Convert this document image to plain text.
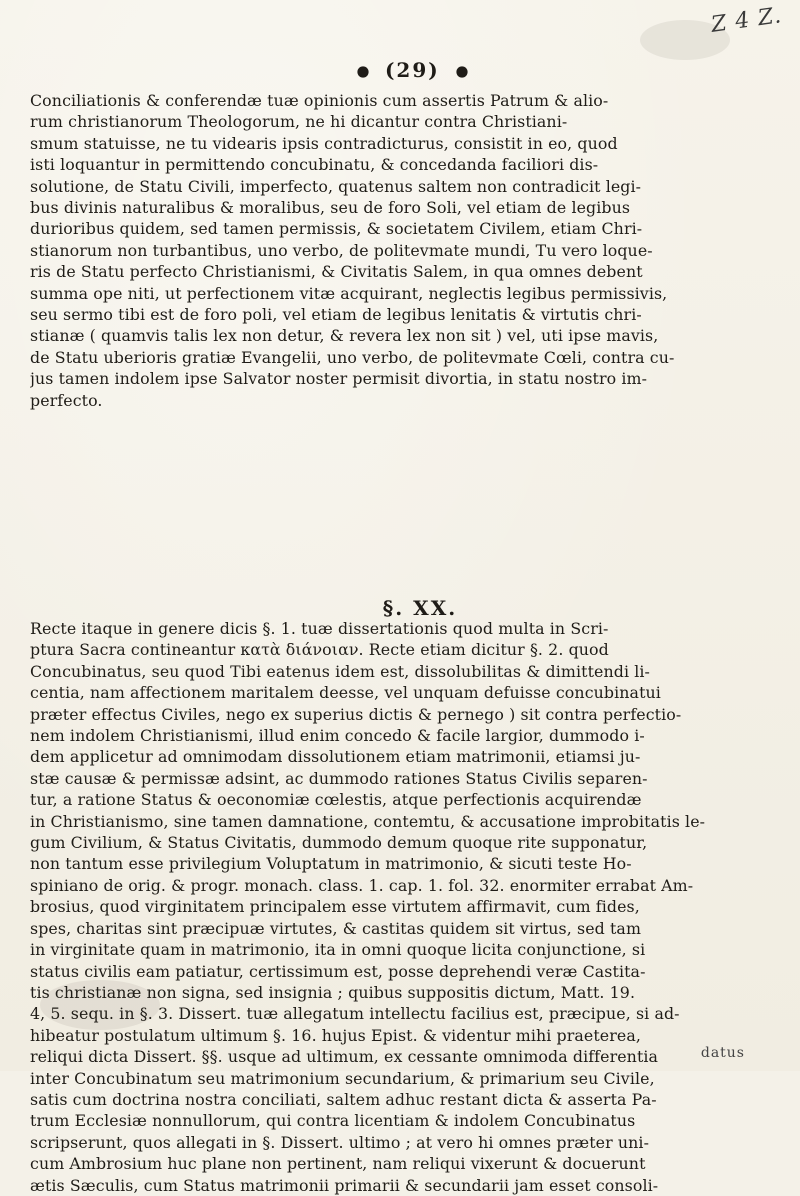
Z 4 Z.
(29)
Conciliationis & conferendæ tuæ opinionis cum assertis Patrum & alio-
rum christianorum Theologorum, ne hi dicantur contra Christiani-
smum statuisse, ne tu videaris ipsis contradicturus, consistit in eo, quod
isti loquantur in permittendo concubinatu, & concedanda faciliori dis-
solutione, de Statu Civili, imperfecto, quatenus saltem non contradicit legi-
bus divinis naturalibus & moralibus, seu de foro Soli, vel etiam de legibus
durioribus quidem, sed tamen permissis, & societatem Civilem, etiam Chri-
stianorum non turbantibus, uno verbo, de politevmate mundi, Tu vero loque-
ris de Statu perfecto Christianismi, & Civitatis Salem, in qua omnes debent
summa ope niti, ut perfectionem vitæ acquirant, neglectis legibus permissivis,
seu sermo tibi est de foro poli, vel etiam de legibus lenitatis & virtutis chri-
stianæ ( quamvis talis lex non detur, & revera lex non sit ) vel, uti ipse mavis,
de Statu uberioris gratiæ Evangelii, uno verbo, de politevmate Cœli, contra cu-
jus tamen indolem ipse Salvator noster permisit divortia, in statu nostro im-
perfecto.
§. XX.
Recte itaque in genere dicis §. 1. tuæ dissertationis quod multa in Scri-
ptura Sacra contineantur κατὰ διάνοιαν. Recte etiam dicitur §. 2. quod
Concubinatus, seu quod Tibi eatenus idem est, dissolubilitas & dimittendi li-
centia, nam affectionem maritalem deesse, vel unquam defuisse concubinatui
præter effectus Civiles, nego ex superius dictis & pernego ) sit contra perfectio-
nem indolem Christianismi, illud enim concedo & facile largior, dummodo i-
dem applicetur ad omnimodam dissolutionem etiam matrimonii, etiamsi ju-
stæ causæ & permissæ adsint, ac dummodo rationes Status Civilis separen-
tur, a ratione Status & oeconomiæ cœlestis, atque perfectionis acquirendæ
in Christianismo, sine tamen damnatione, contemtu, & accusatione improbitatis le-
gum Civilium, & Status Civitatis, dummodo demum quoque rite supponatur,
non tantum esse privilegium Voluptatum in matrimonio, & sicuti teste Ho-
spiniano de orig. & progr. monach. class. 1. cap. 1. fol. 32. enormiter errabat Am-
brosius, quod virginitatem principalem esse virtutem affirmavit, cum fides,
spes, charitas sint præcipuæ virtutes, & castitas quidem sit virtus, sed tam
in virginitate quam in matrimonio, ita in omni quoque licita conjunctione, si
status civilis eam patiatur, certissimum est, posse deprehendi veræ Castita-
tis christianæ non signa, sed insignia ; quibus suppositis dictum, Matt. 19.
4, 5. sequ. in §. 3. Dissert. tuæ allegatum intellectu facilius est, præcipue, si ad-
hibeatur postulatum ultimum §. 16. hujus Epist. & videntur mihi praeterea,
reliqui dicta Dissert. §§. usque ad ultimum, ex cessante omnimoda differentia
inter Concubinatum seu matrimonium secundarium, & primarium seu Civile,
satis cum doctrina nostra conciliati, saltem adhuc restant dicta & asserta Pa-
trum Ecclesiæ nonnullorum, qui contra licentiam & indolem Concubinatus
scripserunt, quos allegati in §. Dissert. ultimo ; at vero hi omnes præter uni-
cum Ambrosium huc plane non pertinent, nam reliqui vixerunt & docuerunt
ætis Sæculis, cum Status matrimonii primarii & secundarii jam esset consoli-
datus
